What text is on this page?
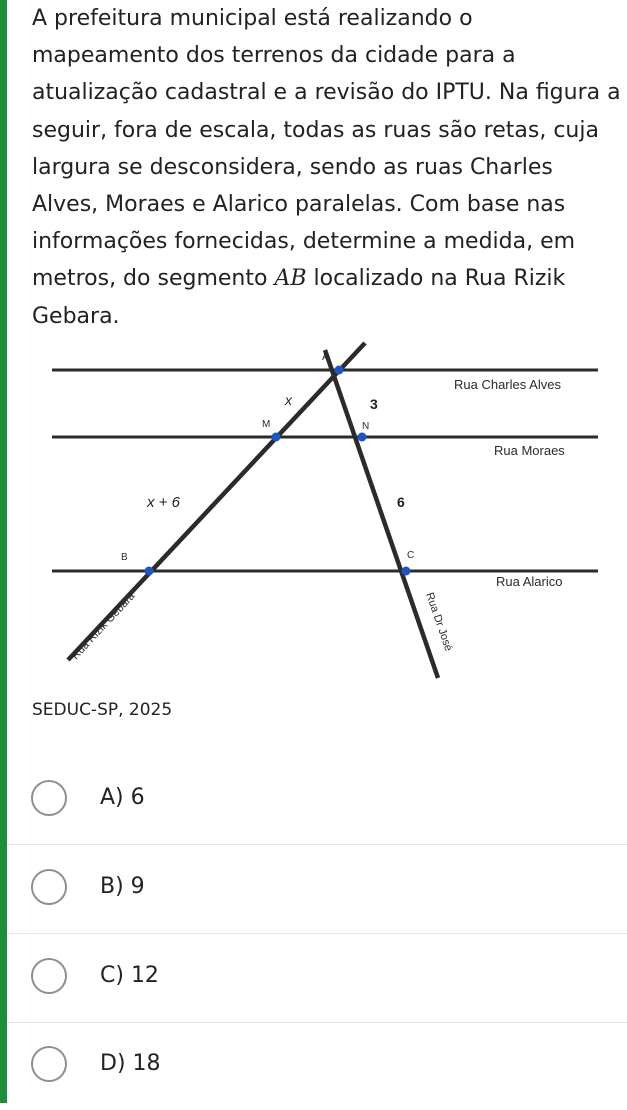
A prefeitura municipal está realizando o mapeamento dos terrenos da cidade para a atualização cadastral e a revisão do IPTU. Na figura a seguir, fora de escala, todas as ruas são retas, cuja largura se desconsidera, sendo as ruas Charles Alves, Moraes e Alarico paralelas. Com base nas informações fornecidas, determine a medida, em metros, do segmento AB localizado na Rua Rizik Gebara.

A
M	N
B	C
x	3
x + 6	6
Rua Charles Alves
Rua Moraes
Rua Alarico
Rua Rizik Gebara	Rua Dr José
SEDUC-SP, 2025
A) 6
B) 9
C) 12
D) 18
